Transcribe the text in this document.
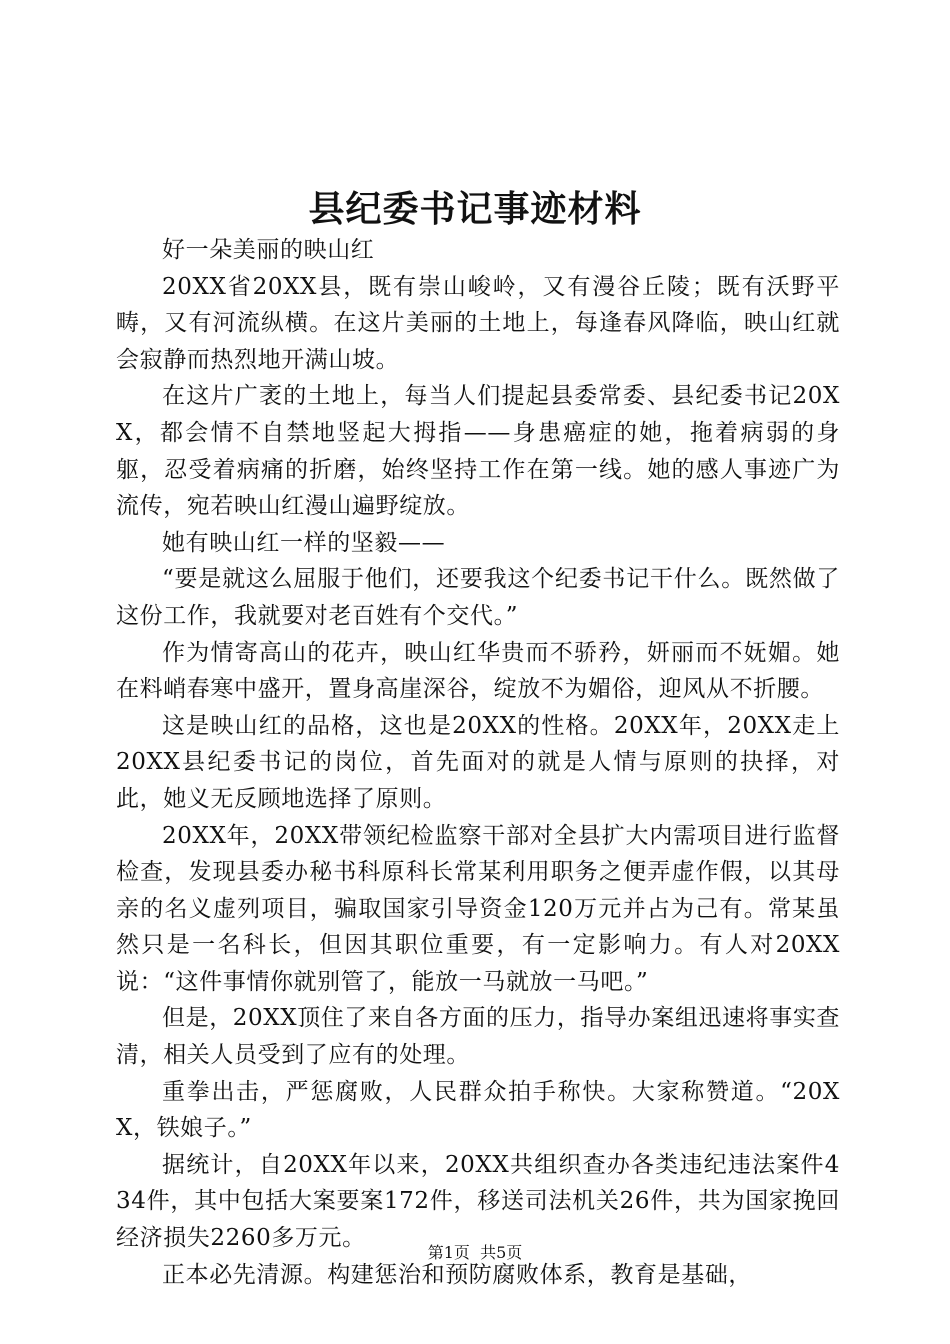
县纪委书记事迹材料

好一朵美丽的映山红

20XX省20XX县，既有崇山峻岭，又有漫谷丘陵；既有沃野平畴，又有河流纵横。在这片美丽的土地上，每逢春风降临，映山红就会寂静而热烈地开满山坡。

在这片广袤的土地上，每当人们提起县委常委、县纪委书记20XX，都会情不自禁地竖起大拇指——身患癌症的她，拖着病弱的身躯，忍受着病痛的折磨，始终坚持工作在第一线。她的感人事迹广为流传，宛若映山红漫山遍野绽放。

她有映山红一样的坚毅——

“要是就这么屈服于他们，还要我这个纪委书记干什么。既然做了这份工作，我就要对老百姓有个交代。”

作为情寄高山的花卉，映山红华贵而不骄矜，妍丽而不妩媚。她在料峭春寒中盛开，置身高崖深谷，绽放不为媚俗，迎风从不折腰。

这是映山红的品格，这也是20XX的性格。20XX年，20XX走上20XX县纪委书记的岗位，首先面对的就是人情与原则的抉择，对此，她义无反顾地选择了原则。

20XX年，20XX带领纪检监察干部对全县扩大内需项目进行监督检查，发现县委办秘书科原科长常某利用职务之便弄虚作假，以其母亲的名义虚列项目，骗取国家引导资金120万元并占为己有。常某虽然只是一名科长，但因其职位重要，有一定影响力。有人对20XX说：“这件事情你就别管了，能放一马就放一马吧。”

但是，20XX顶住了来自各方面的压力，指导办案组迅速将事实查清，相关人员受到了应有的处理。

重拳出击，严惩腐败，人民群众拍手称快。大家称赞道。“20XX，铁娘子。”

据统计，自20XX年以来，20XX共组织查办各类违纪违法案件434件，其中包括大案要案172件，移送司法机关26件，共为国家挽回经济损失2260多万元。

正本必先清源。构建惩治和预防腐败体系，教育是基础，

第1页 共5页
